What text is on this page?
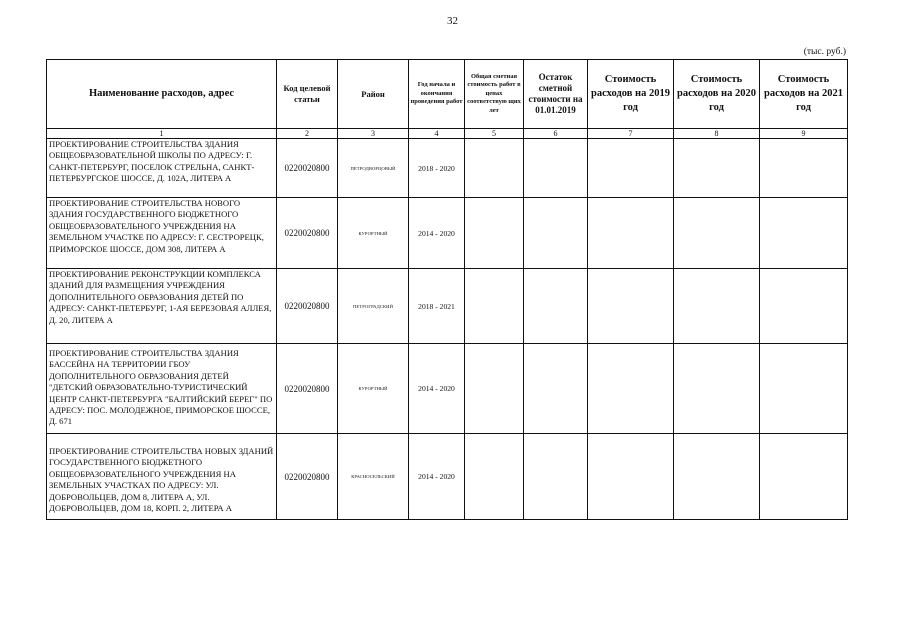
32
(тыс. руб.)
Наименование расходов, адрес	Код целевой статьи	Район	Год начала и окончания проведения работ	Общая сметная стоимость работ в ценах соответствую щих лет	Остаток сметной стоимости на 01.01.2019	Стоимость расходов на 2019 год	Стоимость расходов на 2020 год	Стоимость расходов на 2021 год
1	2	3	4	5	6	7	8	9
ПРОЕКТИРОВАНИЕ СТРОИТЕЛЬСТВА ЗДАНИЯ ОБЩЕОБРАЗОВАТЕЛЬНОЙ ШКОЛЫ ПО АДРЕСУ: Г. САНКТ-ПЕТЕРБУРГ, ПОСЕЛОК СТРЕЛЬНА, САНКТ-ПЕТЕРБУРГСКОЕ ШОССЕ, Д. 102А, ЛИТЕРА А	0220020800	ПЕТРОДВОРЦОВЫЙ	2018 - 2020					
ПРОЕКТИРОВАНИЕ СТРОИТЕЛЬСТВА НОВОГО ЗДАНИЯ ГОСУДАРСТВЕННОГО БЮДЖЕТНОГО ОБЩЕОБРАЗОВАТЕЛЬНОГО УЧРЕЖДЕНИЯ НА ЗЕМЕЛЬНОМ УЧАСТКЕ ПО АДРЕСУ: Г. СЕСТРОРЕЦК, ПРИМОРСКОЕ ШОССЕ, ДОМ 308, ЛИТЕРА А	0220020800	КУРОРТНЫЙ	2014 - 2020					
ПРОЕКТИРОВАНИЕ РЕКОНСТРУКЦИИ КОМПЛЕКСА ЗДАНИЙ ДЛЯ РАЗМЕЩЕНИЯ УЧРЕЖДЕНИЯ ДОПОЛНИТЕЛЬНОГО ОБРАЗОВАНИЯ ДЕТЕЙ ПО АДРЕСУ: САНКТ-ПЕТЕРБУРГ, 1-АЯ БЕРЕЗОВАЯ АЛЛЕЯ, Д. 20, ЛИТЕРА А	0220020800	ПЕТРОГРАДСКИЙ	2018 - 2021					
ПРОЕКТИРОВАНИЕ СТРОИТЕЛЬСТВА ЗДАНИЯ БАССЕЙНА НА ТЕРРИТОРИИ ГБОУ ДОПОЛНИТЕЛЬНОГО ОБРАЗОВАНИЯ ДЕТЕЙ "ДЕТСКИЙ ОБРАЗОВАТЕЛЬНО-ТУРИСТИЧЕСКИЙ ЦЕНТР САНКТ-ПЕТЕРБУРГА "БАЛТИЙСКИЙ БЕРЕГ" ПО АДРЕСУ: ПОС. МОЛОДЕЖНОЕ, ПРИМОРСКОЕ ШОССЕ, Д. 671	0220020800	КУРОРТНЫЙ	2014 - 2020					
ПРОЕКТИРОВАНИЕ СТРОИТЕЛЬСТВА НОВЫХ ЗДАНИЙ ГОСУДАРСТВЕННОГО БЮДЖЕТНОГО ОБЩЕОБРАЗОВАТЕЛЬНОГО УЧРЕЖДЕНИЯ НА ЗЕМЕЛЬНЫХ УЧАСТКАХ ПО АДРЕСУ: УЛ. ДОБРОВОЛЬЦЕВ, ДОМ 8, ЛИТЕРА А, УЛ. ДОБРОВОЛЬЦЕВ, ДОМ 18, КОРП. 2, ЛИТЕРА А	0220020800	КРАСНОСЕЛЬСКИЙ	2014 - 2020					
